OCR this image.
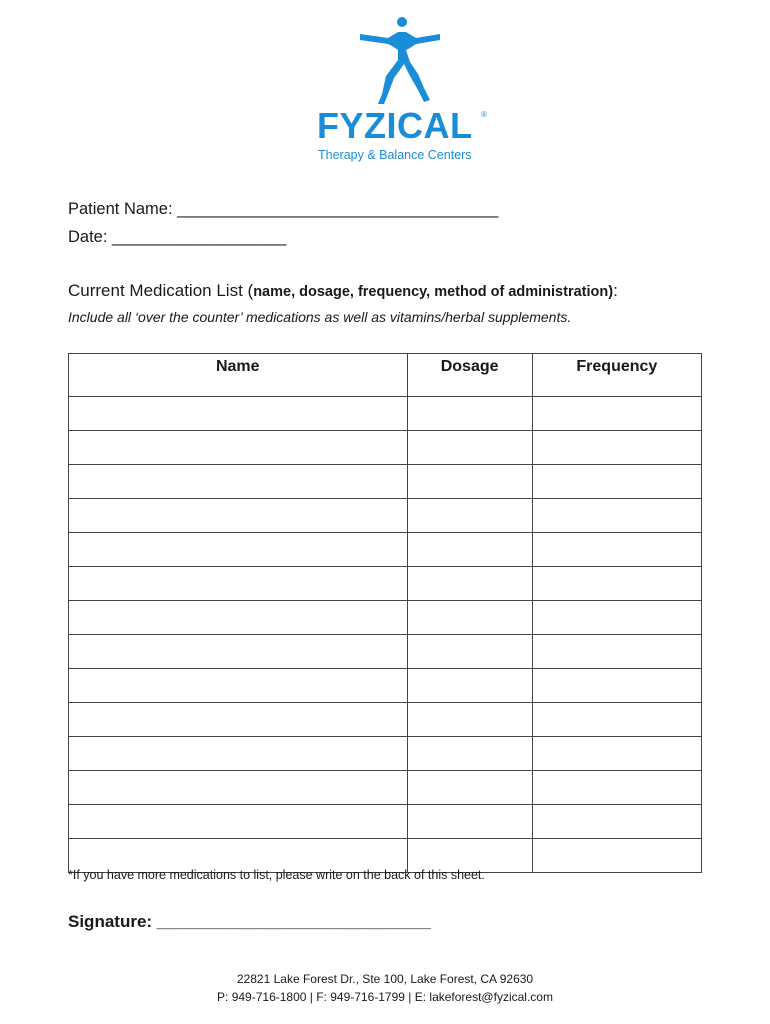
FYZICAL ®
Therapy & Balance Centers
Patient Name: ___________________________________
Date: ___________________
Current Medication List (name, dosage, frequency, method of administration):
Include all ‘over the counter’ medications as well as vitamins/herbal supplements.
Name	Dosage	Frequency

*If you have more medications to list, please write on the back of this sheet.
Signature: _____________________________
22821 Lake Forest Dr., Ste 100, Lake Forest, CA 92630
P: 949-716-1800 | F: 949-716-1799 | E: lakeforest@fyzical.com
